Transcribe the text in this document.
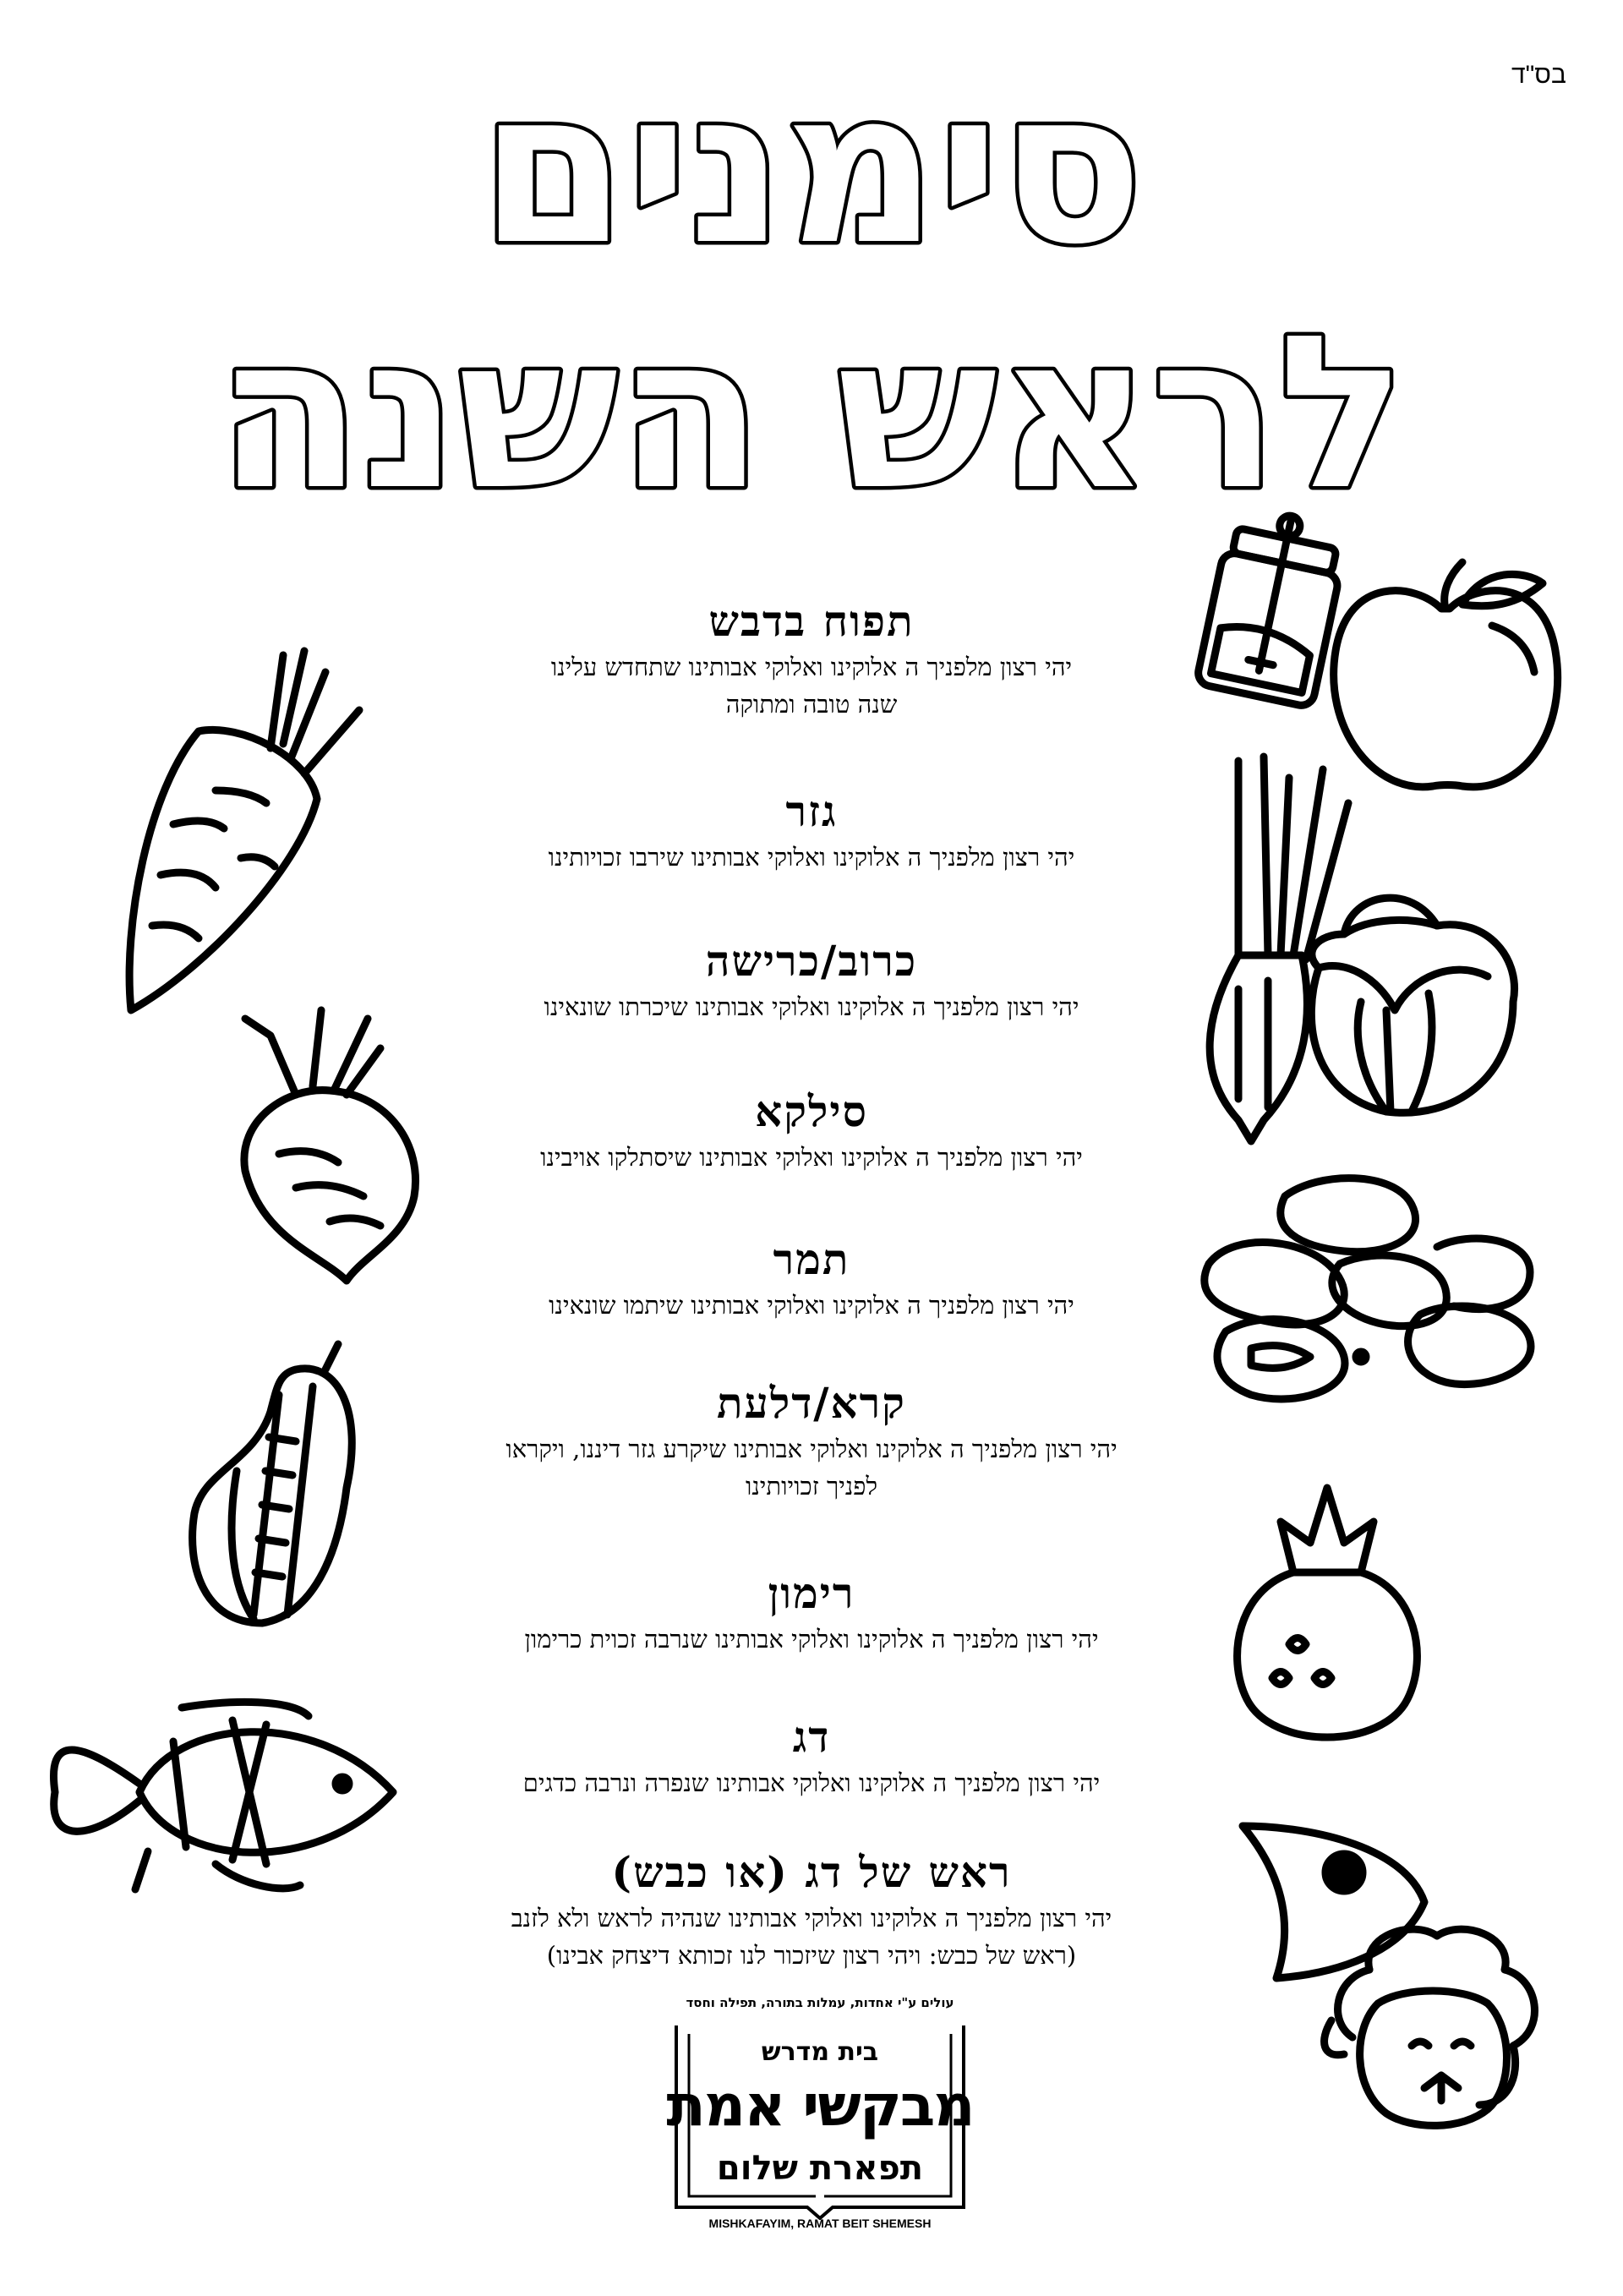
בס"ד
סימנים
לראש השנה

תפוח בדבש

יהי רצון מלפניך ה אלוקינו ואלוקי אבותינו שתחדש עלינו
שנה טובה ומתוקה

גזר

יהי רצון מלפניך ה אלוקינו ואלוקי אבותינו שירבו זכויותינו

כרוב/כרישה

יהי רצון מלפניך ה אלוקינו ואלוקי אבותינו שיכרתו שונאינו

סילקא

יהי רצון מלפניך ה אלוקינו ואלוקי אבותינו שיסתלקו אויבינו

תמר

יהי רצון מלפניך ה אלוקינו ואלוקי אבותינו שיתמו שונאינו

קרא/דלעת

יהי רצון מלפניך ה אלוקינו ואלוקי אבותינו שיקרע גזר דיננו, ויקראו
לפניך זכויותינו

רימון

יהי רצון מלפניך ה אלוקינו ואלוקי אבותינו שנרבה זכוית כרימון

דג

יהי רצון מלפניך ה אלוקינו ואלוקי אבותינו שנפרה ונרבה כדגים

ראש של דג (או כבש)

יהי רצון מלפניך ה אלוקינו ואלוקי אבותינו שנהיה לראש ולא לזנב
(ראש של כבש: ויהי רצון שיזכור לנו זכותא דיצחק אבינו)

עולים ע"י אחדות, עמלות בתורה, תפילה וחסד
בית מדרש
מבקשי אמת
תפארת שלום
MISHKAFAYIM, RAMAT BEIT SHEMESH
